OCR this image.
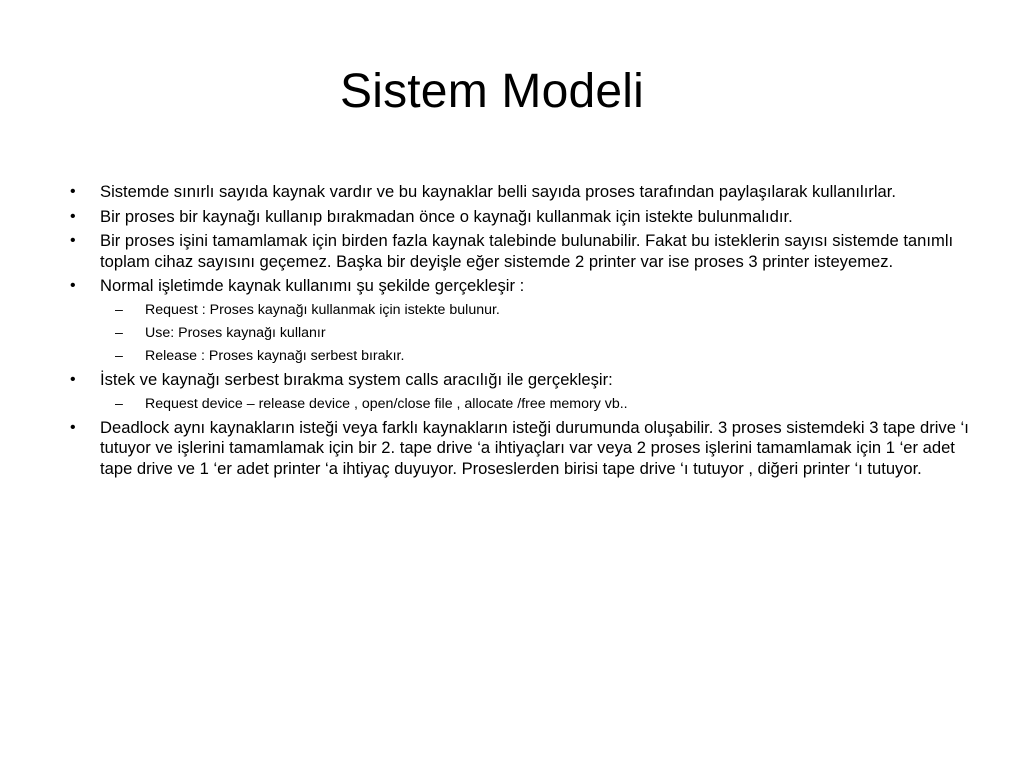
Sistem Modeli
•	Sistemde sınırlı sayıda kaynak vardır ve bu kaynaklar belli sayıda proses tarafından paylaşılarak kullanılırlar.
•	Bir proses bir kaynağı kullanıp bırakmadan önce o kaynağı kullanmak için istekte bulunmalıdır.
•	Bir proses işini tamamlamak için birden fazla kaynak talebinde bulunabilir. Fakat bu isteklerin sayısı sistemde tanımlı toplam cihaz sayısını geçemez. Başka bir deyişle eğer sistemde 2 printer var ise proses 3 printer isteyemez.
•	Normal işletimde kaynak kullanımı şu şekilde gerçekleşir :
–	Request : Proses kaynağı kullanmak için istekte bulunur.
–	Use: Proses kaynağı kullanır
–	Release : Proses kaynağı serbest bırakır.
•	İstek ve kaynağı serbest bırakma system calls aracılığı ile gerçekleşir:
–	Request device – release device , open/close file , allocate /free memory vb..
•	Deadlock aynı kaynakların isteği veya farklı kaynakların isteği durumunda oluşabilir. 3 proses sistemdeki 3 tape drive ‘ı tutuyor ve işlerini tamamlamak için bir 2. tape drive ‘a ihtiyaçları var veya 2 proses işlerini tamamlamak için 1 ‘er adet tape drive ve 1 ‘er adet printer ‘a ihtiyaç duyuyor. Proseslerden birisi tape drive ‘ı tutuyor , diğeri printer ‘ı tutuyor.
